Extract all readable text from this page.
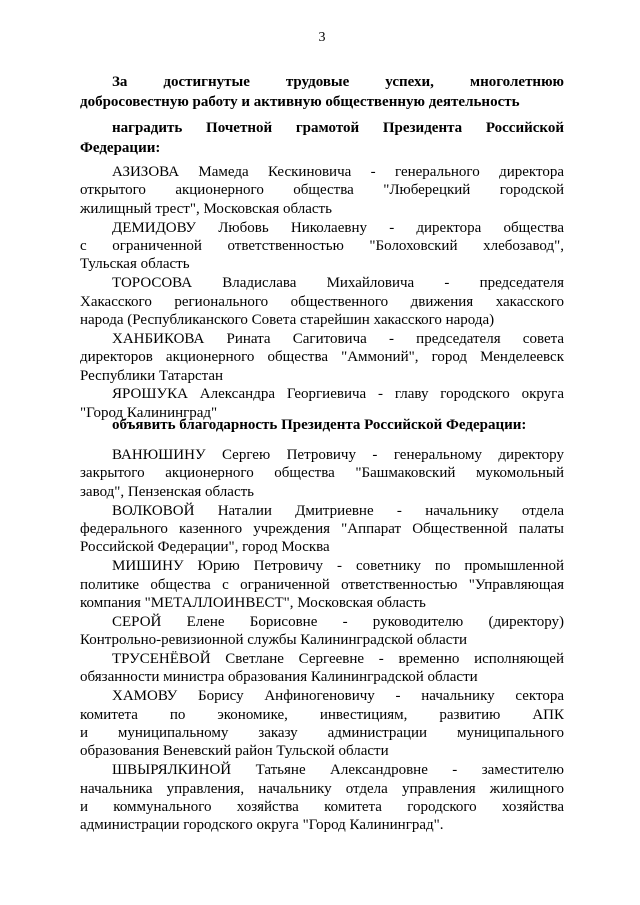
3
За достигнутые трудовые успехи, многолетнюю
добросовестную работу и активную общественную деятельность
наградить Почетной грамотой Президента Российской
Федерации:
АЗИЗОВА Мамеда Кескиновича - генерального директора
открытого акционерного общества "Люберецкий городской
жилищный трест", Московская область
ДЕМИДОВУ Любовь Николаевну - директора общества
с ограниченной ответственностью "Болоховский хлебозавод",
Тульская область
ТОРОСОВА Владислава Михайловича - председателя
Хакасского регионального общественного движения хакасского
народа (Республиканского Совета старейшин хакасского народа)
ХАНБИКОВА Рината Сагитовича - председателя совета
директоров акционерного общества "Аммоний", город Менделеевск
Республики Татарстан
ЯРОШУКА Александра Георгиевича - главу городского округа
"Город Калининград"
объявить благодарность Президента Российской Федерации:
ВАНЮШИНУ Сергею Петровичу - генеральному директору
закрытого акционерного общества "Башмаковский мукомольный
завод", Пензенская область
ВОЛКОВОЙ Наталии Дмитриевне - начальнику отдела
федерального казенного учреждения "Аппарат Общественной палаты
Российской Федерации", город Москва
МИШИНУ Юрию Петровичу - советнику по промышленной
политике общества с ограниченной ответственностью "Управляющая
компания "МЕТАЛЛОИНВЕСТ", Московская область
СЕРОЙ Елене Борисовне - руководителю (директору)
Контрольно-ревизионной службы Калининградской области
ТРУСЕНЁВОЙ Светлане Сергеевне - временно исполняющей
обязанности министра образования Калининградской области
ХАМОВУ Борису Анфиногеновичу - начальнику сектора
комитета по экономике, инвестициям, развитию АПК
и муниципальному заказу администрации муниципального
образования Веневский район Тульской области
ШВЫРЯЛКИНОЙ Татьяне Александровне - заместителю
начальника управления, начальнику отдела управления жилищного
и коммунального хозяйства комитета городского хозяйства
администрации городского округа "Город Калининград".
